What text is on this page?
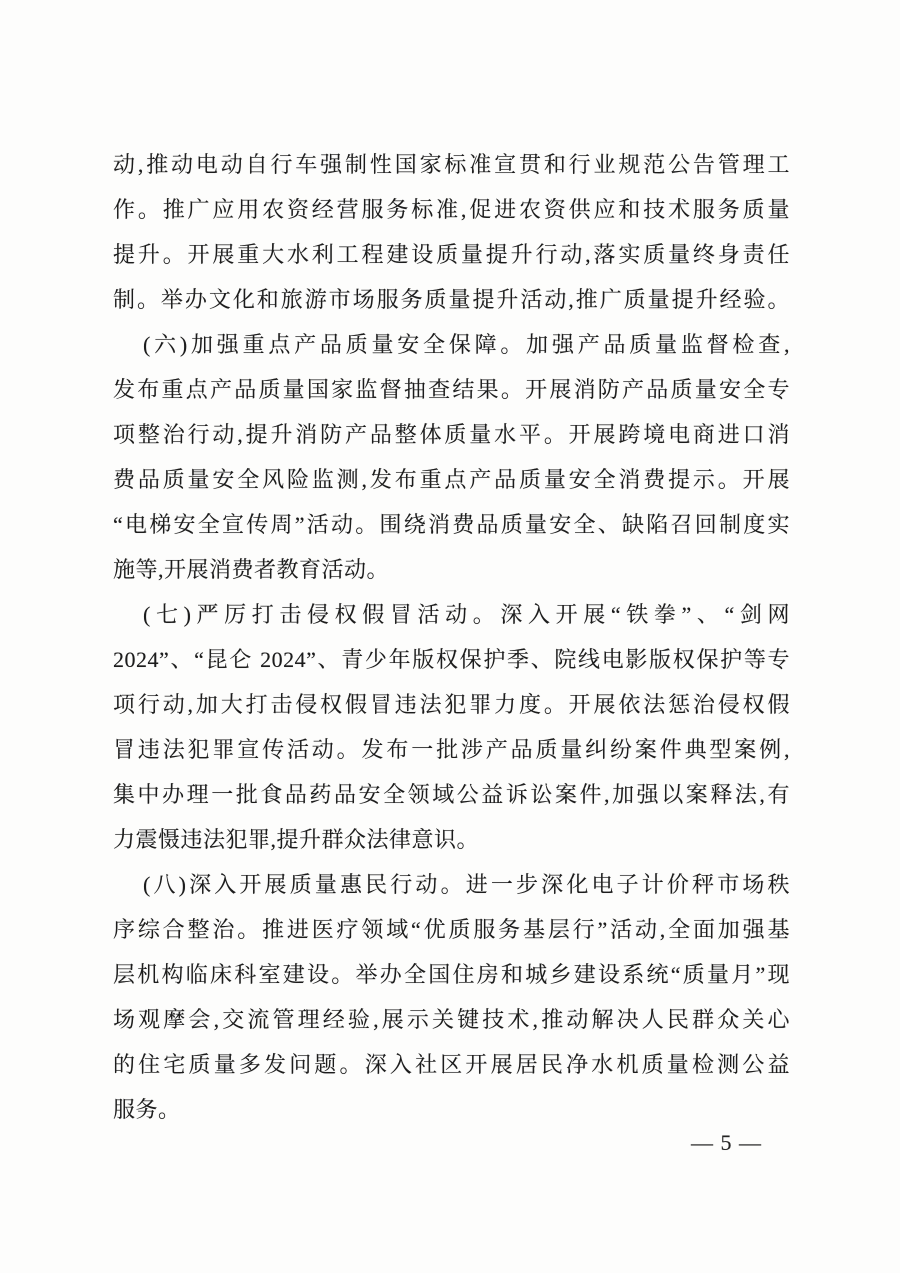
动,推动电动自行车强制性国家标准宣贯和行业规范公告管理工
作。推广应用农资经营服务标准,促进农资供应和技术服务质量
提升。开展重大水利工程建设质量提升行动,落实质量终身责任
制。举办文化和旅游市场服务质量提升活动,推广质量提升经验。
(六)加强重点产品质量安全保障。加强产品质量监督检查,
发布重点产品质量国家监督抽查结果。开展消防产品质量安全专
项整治行动,提升消防产品整体质量水平。开展跨境电商进口消
费品质量安全风险监测,发布重点产品质量安全消费提示。开展
“电梯安全宣传周”活动。围绕消费品质量安全、缺陷召回制度实
施等,开展消费者教育活动。
(七)严厉打击侵权假冒活动。深入开展“铁拳”、“剑网
2024”、“昆仑 2024”、青少年版权保护季、院线电影版权保护等专
项行动,加大打击侵权假冒违法犯罪力度。开展依法惩治侵权假
冒违法犯罪宣传活动。发布一批涉产品质量纠纷案件典型案例,
集中办理一批食品药品安全领域公益诉讼案件,加强以案释法,有
力震慑违法犯罪,提升群众法律意识。
(八)深入开展质量惠民行动。进一步深化电子计价秤市场秩
序综合整治。推进医疗领域“优质服务基层行”活动,全面加强基
层机构临床科室建设。举办全国住房和城乡建设系统“质量月”现
场观摩会,交流管理经验,展示关键技术,推动解决人民群众关心
的住宅质量多发问题。深入社区开展居民净水机质量检测公益
服务。
— 5 —
